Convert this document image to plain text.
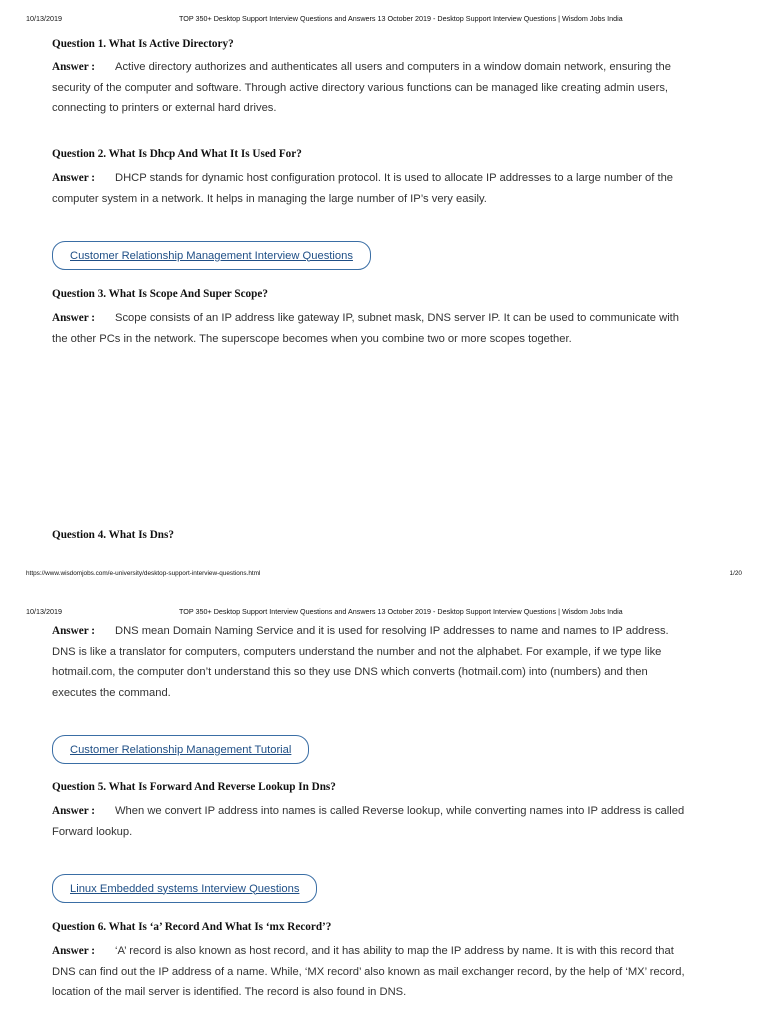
10/13/2019	TOP 350+ Desktop Support Interview Questions and Answers 13 October 2019 - Desktop Support Interview Questions | Wisdom Jobs India
Question 1. What Is Active Directory?
Answer : Active directory authorizes and authenticates all users and computers in a window domain network, ensuring the
security of the computer and software. Through active directory various functions can be managed like creating admin users,
connecting to printers or external hard drives.
Question 2. What Is Dhcp And What It Is Used For?
Answer : DHCP stands for dynamic host configuration protocol. It is used to allocate IP addresses to a large number of the
computer system in a network. It helps in managing the large number of IP’s very easily.
Customer Relationship Management Interview Questions
Question 3. What Is Scope And Super Scope?
Answer : Scope consists of an IP address like gateway IP, subnet mask, DNS server IP. It can be used to communicate with
the other PCs in the network. The superscope becomes when you combine two or more scopes together.
Question 4. What Is Dns?
https://www.wisdomjobs.com/e-university/desktop-support-interview-questions.html	1/20
10/13/2019	TOP 350+ Desktop Support Interview Questions and Answers 13 October 2019 - Desktop Support Interview Questions | Wisdom Jobs India
Answer : DNS mean Domain Naming Service and it is used for resolving IP addresses to name and names to IP address.
DNS is like a translator for computers, computers understand the number and not the alphabet. For example, if we type like
hotmail.com, the computer don’t understand this so they use DNS which converts (hotmail.com) into (numbers) and then
executes the command.
Customer Relationship Management Tutorial
Question 5. What Is Forward And Reverse Lookup In Dns?
Answer : When we convert IP address into names is called Reverse lookup, while converting names into IP address is called
Forward lookup.
Linux Embedded systems Interview Questions
Question 6. What Is ‘a’ Record And What Is ‘mx Record’?
Answer : ‘A’ record is also known as host record, and it has ability to map the IP address by name. It is with this record that
DNS can find out the IP address of a name. While, ‘MX record’ also known as mail exchanger record, by the help of ‘MX’ record,
location of the mail server is identified. The record is also found in DNS.
